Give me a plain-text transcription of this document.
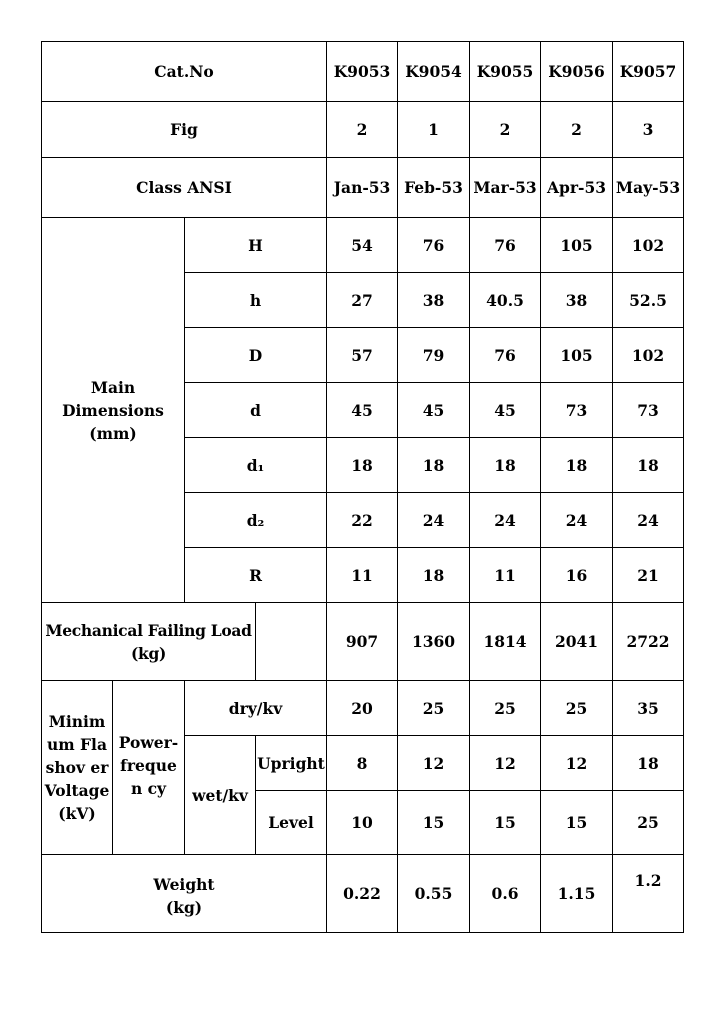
Cat.No				K9053	K9054	K9055	K9056	K9057
Fig				2	1	2	2	3
Class ANSI				Jan-53	Feb-53	Mar-53	Apr-53	May-53
Main Dimensions (mm)		H		54	76	76	105	102
		h		27	38	40.5	38	52.5
		D		57	79	76	105	102
		d		45	45	45	73	73
		d₁		18	18	18	18	18
		d₂		22	24	24	24	24
		R		11	18	11	16	21
Mechanical Failing Load (kg)				907	1360	1814	2041	2722
Minim um Flashov er Voltage (kV)	Power- frequen cy	dry/kv		20	25	25	25	35
		wet/kv	Upright	8	12	12	12	18
			Level	10	15	15	15	25
Weight (kg)				0.22	0.55	0.6	1.15	1.2
